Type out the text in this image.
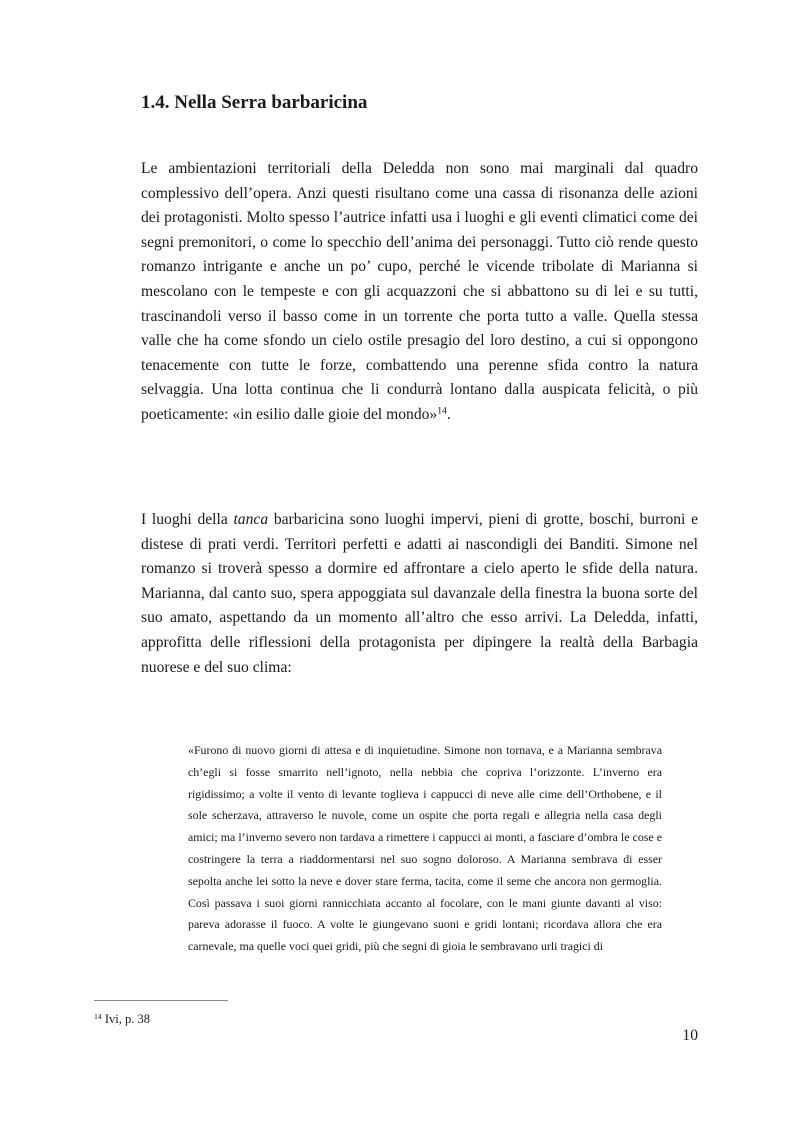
1.4. Nella Serra barbaricina

Le ambientazioni territoriali della Deledda non sono mai marginali dal quadro complessivo dell’opera. Anzi questi risultano come una cassa di risonanza delle azioni dei protagonisti. Molto spesso l’autrice infatti usa i luoghi e gli eventi climatici come dei segni premonitori, o come lo specchio dell’anima dei personaggi. Tutto ciò rende questo romanzo intrigante e anche un po’ cupo, perché le vicende tribolate di Marianna si mescolano con le tempeste e con gli acquazzoni che si abbattono su di lei e su tutti, trascinandoli verso il basso come in un torrente che porta tutto a valle. Quella stessa valle che ha come sfondo un cielo ostile presagio del loro destino, a cui si oppongono tenacemente con tutte le forze, combattendo una perenne sfida contro la natura selvaggia. Una lotta continua che li condurrà lontano dalla auspicata felicità, o più poeticamente: «in esilio dalle gioie del mondo»$^{14}$.

I luoghi della tanca barbaricina sono luoghi impervi, pieni di grotte, boschi, burroni e distese di prati verdi. Territori perfetti e adatti ai nascondigli dei Banditi. Simone nel romanzo si troverà spesso a dormire ed affrontare a cielo aperto le sfide della natura. Marianna, dal canto suo, spera appoggiata sul davanzale della finestra la buona sorte del suo amato, aspettando da un momento all’altro che esso arrivi. La Deledda, infatti, approfitta delle riflessioni della protagonista per dipingere la realtà della Barbagia nuorese e del suo clima:

«Furono di nuovo giorni di attesa e di inquietudine. Simone non tornava, e a Marianna sembrava ch’egli si fosse smarrito nell’ignoto, nella nebbia che copriva l’orizzonte. L’inverno era rigidissimo; a volte il vento di levante toglieva i cappucci di neve alle cime dell’Orthobene, e il sole scherzava, attraverso le nuvole, come un ospite che porta regali e allegria nella casa degli amici; ma l’inverno severo non tardava a rimettere i cappucci ai monti, a fasciare d’ombra le cose e costringere la terra a riaddormentarsi nel suo sogno doloroso. A Marianna sembrava di esser sepolta anche lei sotto la neve e dover stare ferma, tacita, come il seme che ancora non germoglia. Così passava i suoi giorni rannicchiata accanto al focolare, con le mani giunte davanti al viso: pareva adorasse il fuoco. A volte le giungevano suoni e gridi lontani; ricordava allora che era carnevale, ma quelle voci quei gridi, più che segni di gioia le sembravano urli tragici di

$^{14}$ Ivi, p. 38

10
